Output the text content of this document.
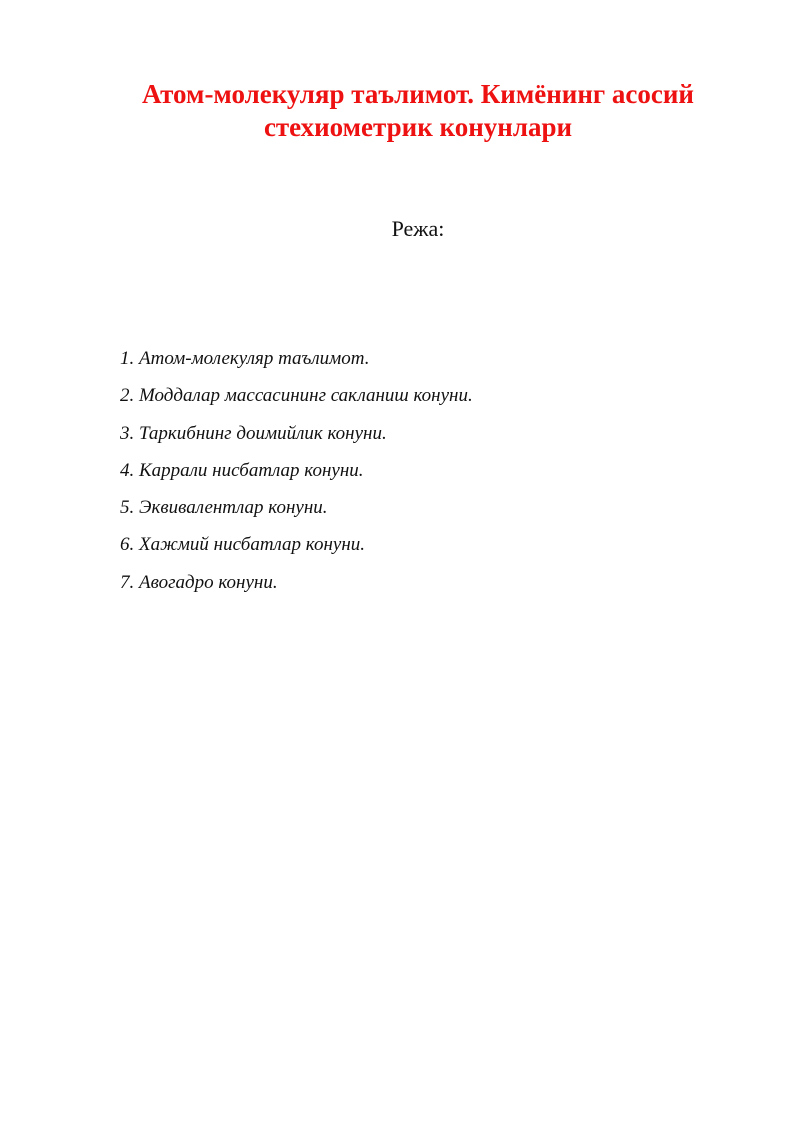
Атом-молекуляр таълимот. Кимёнинг асосий
стехиометрик конунлари
Режа:
1. Атом-молекуляр таълимот.
2. Моддалар массасининг сакланиш конуни.
3. Таркибнинг доимийлик конуни.
4. Каррали нисбатлар конуни.
5. Эквивалентлар конуни.
6. Хажмий нисбатлар конуни.
7. Авогадро конуни.
